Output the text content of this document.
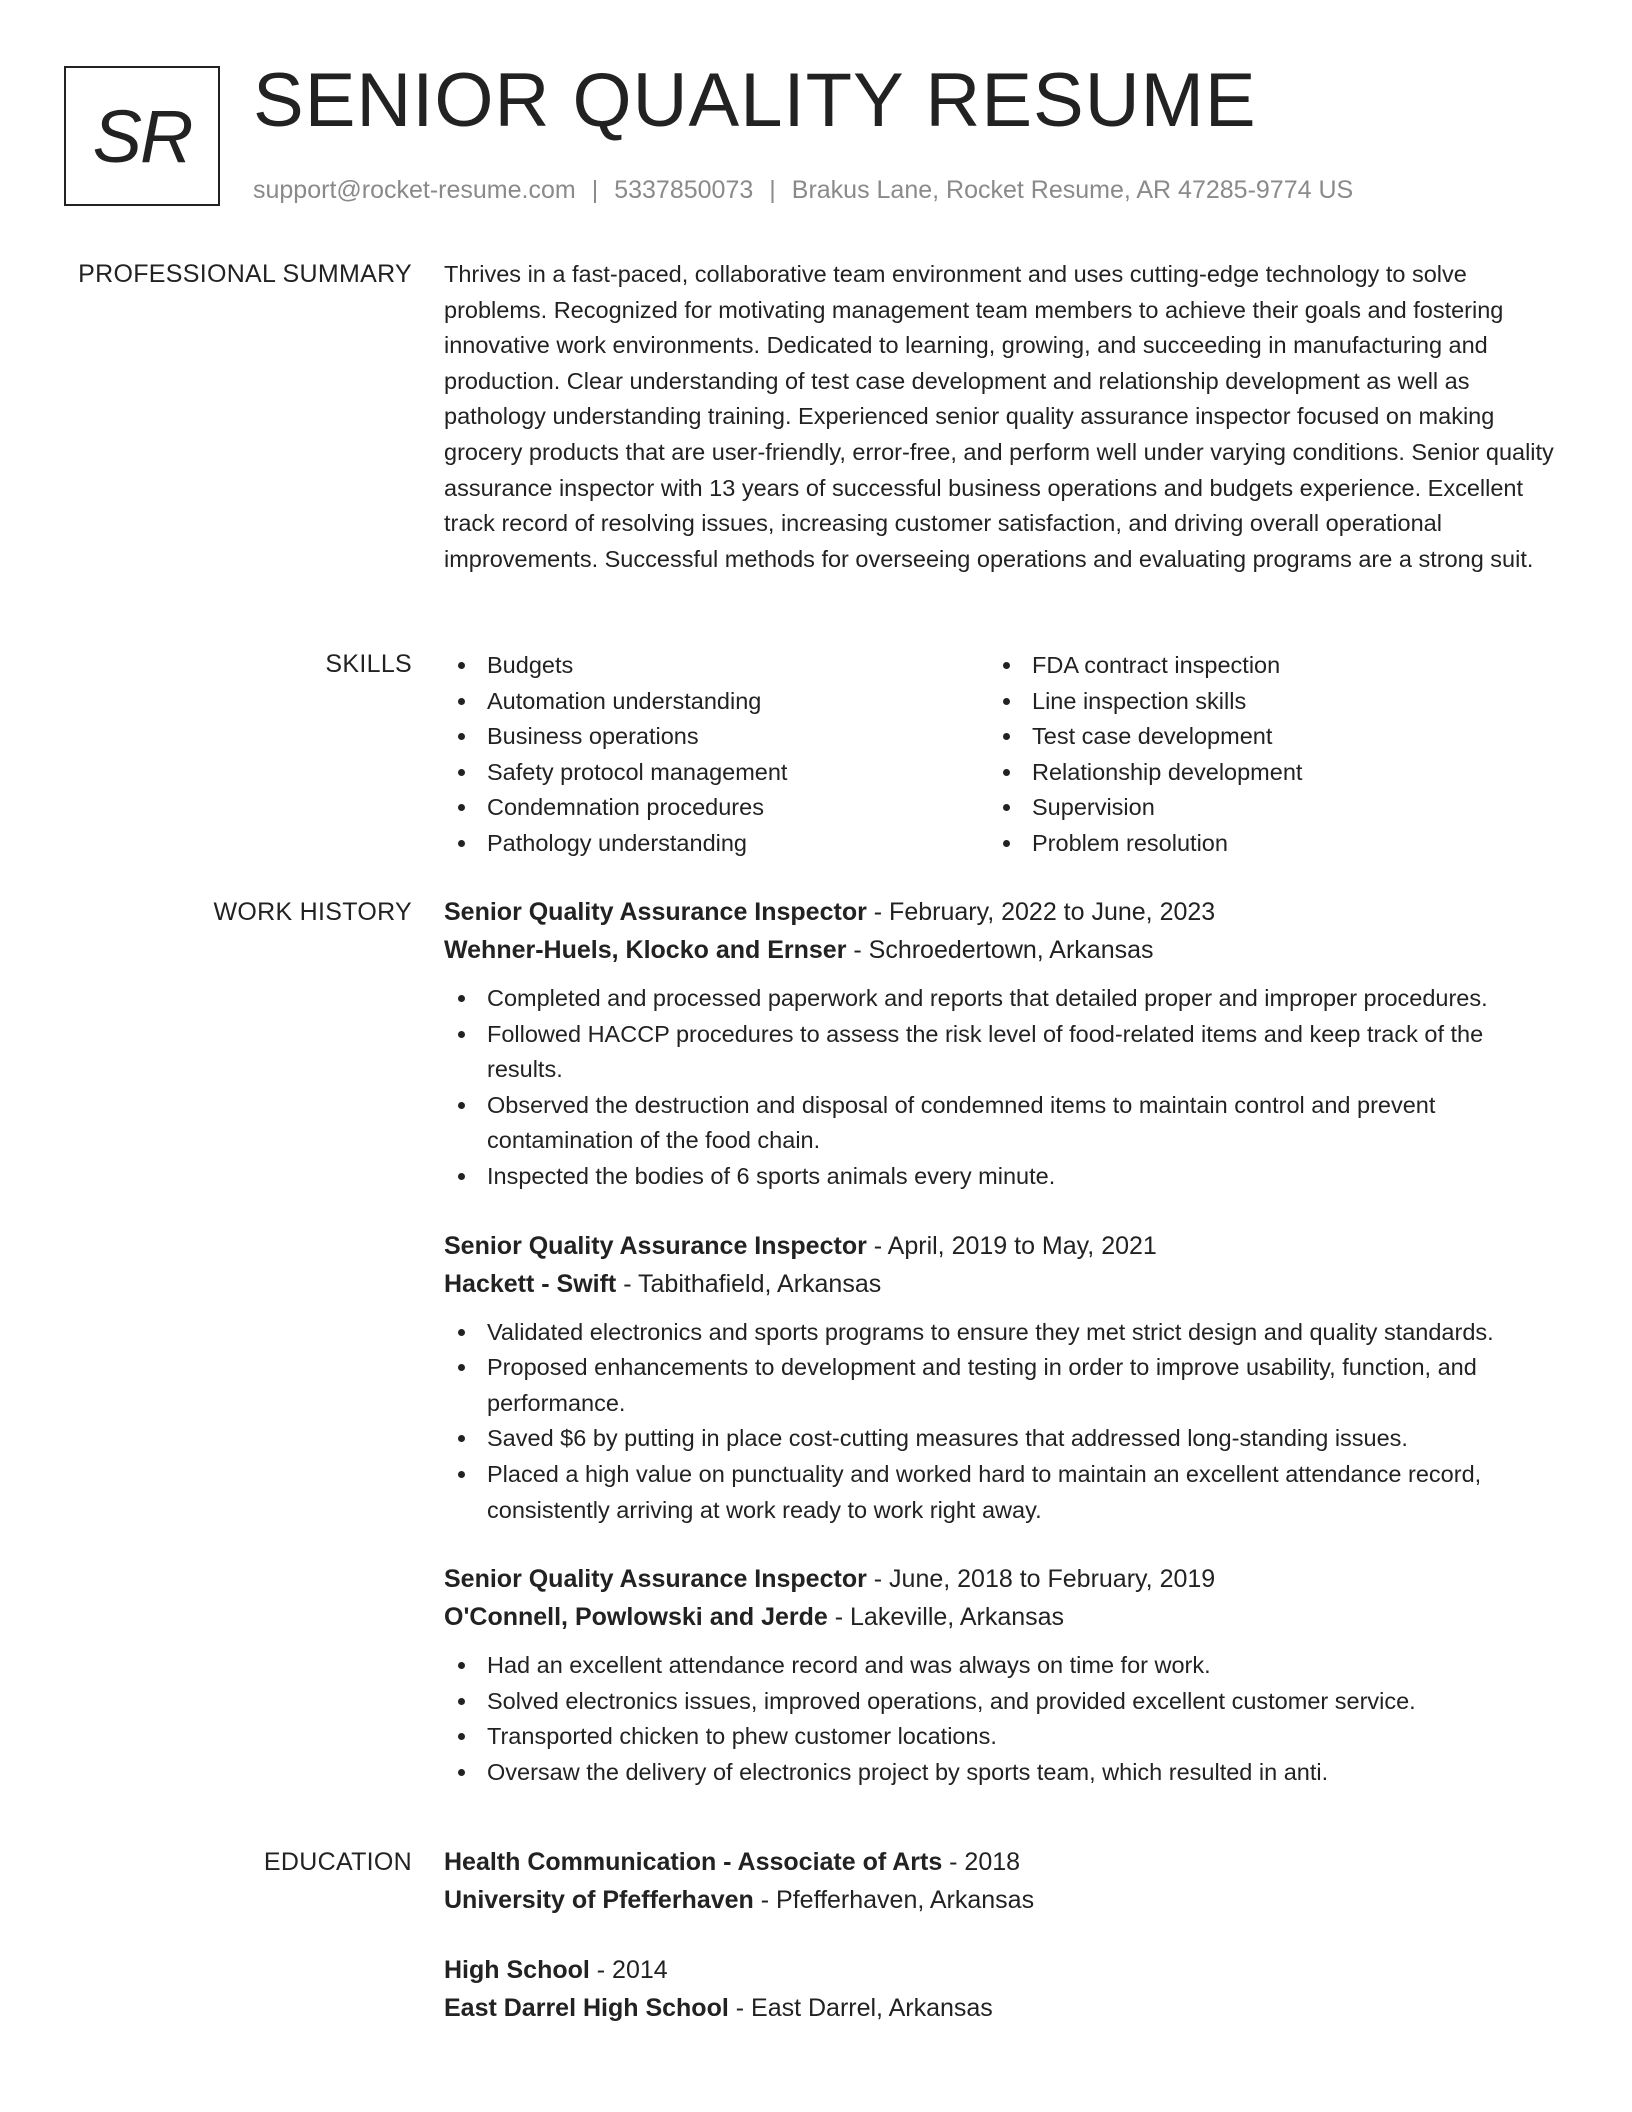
SR SENIOR QUALITY RESUME
support@rocket-resume.com | 5337850073 | Brakus Lane, Rocket Resume, AR 47285-9774 US
PROFESSIONAL SUMMARY Thrives in a fast-paced, collaborative team environment and uses cutting-edge technology to solve problems. Recognized for motivating management team members to achieve their goals and fostering innovative work environments. Dedicated to learning, growing, and succeeding in manufacturing and production. Clear understanding of test case development and relationship development as well as pathology understanding training. Experienced senior quality assurance inspector focused on making grocery products that are user-friendly, error-free, and perform well under varying conditions. Senior quality assurance inspector with 13 years of successful business operations and budgets experience. Excellent track record of resolving issues, increasing customer satisfaction, and driving overall operational improvements. Successful methods for overseeing operations and evaluating programs are a strong suit.

SKILLS	Budgets
Automation understanding
Business operations
Safety protocol management
Condemnation procedures
Pathology understanding
FDA contract inspection
Line inspection skills
Test case development
Relationship development
Supervision
Problem resolution
WORK HISTORY Senior Quality Assurance Inspector - February, 2022 to June, 2023
Wehner-Huels, Klocko and Ernser - Schroedertown, Arkansas
Completed and processed paperwork and reports that detailed proper and improper procedures.
Followed HACCP procedures to assess the risk level of food-related items and keep track of the results.
Observed the destruction and disposal of condemned items to maintain control and prevent contamination of the food chain.
Inspected the bodies of 6 sports animals every minute.
Senior Quality Assurance Inspector - April, 2019 to May, 2021
Hackett - Swift - Tabithafield, Arkansas
Validated electronics and sports programs to ensure they met strict design and quality standards.
Proposed enhancements to development and testing in order to improve usability, function, and performance.
Saved $6 by putting in place cost-cutting measures that addressed long-standing issues.
Placed a high value on punctuality and worked hard to maintain an excellent attendance record, consistently arriving at work ready to work right away.
Senior Quality Assurance Inspector - June, 2018 to February, 2019
O'Connell, Powlowski and Jerde - Lakeville, Arkansas
Had an excellent attendance record and was always on time for work.
Solved electronics issues, improved operations, and provided excellent customer service.
Transported chicken to phew customer locations.
Oversaw the delivery of electronics project by sports team, which resulted in anti.
EDUCATION Health Communication - Associate of Arts - 2018
University of Pfefferhaven - Pfefferhaven, Arkansas
High School - 2014
East Darrel High School - East Darrel, Arkansas
